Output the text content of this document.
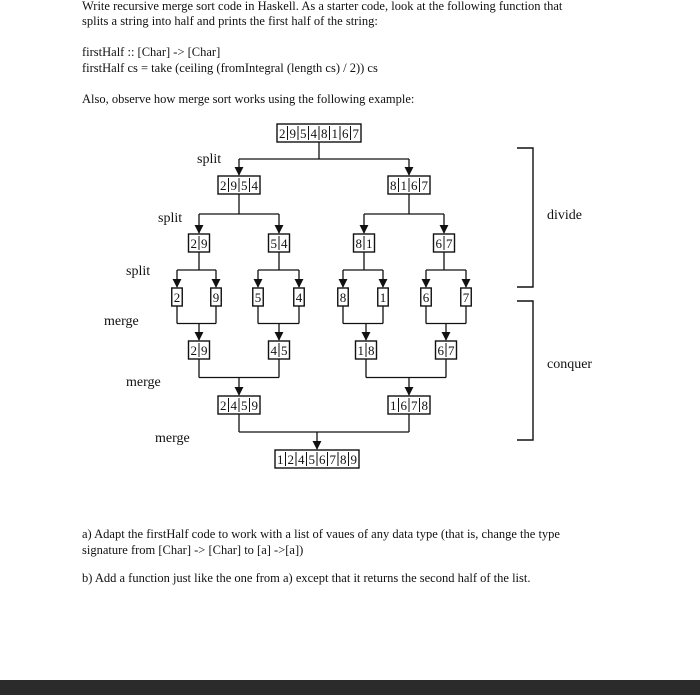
Write recursive merge sort code in Haskell. As a starter code, look at the following function that
splits a string into half and prints the first half of the string:
firstHalf :: [Char] -> [Char]
firstHalf cs = take (ceiling (fromIntegral (length cs) / 2)) cs
Also, observe how merge sort works using the following example:
2 9 5 4 8 1 6 7
2 9 5 4	8 1 6 7
2 9	5 4	8 1	6 7
2	9	5	4	8	1	6	7
2 9	4 5	1 8	6 7
2 4 5 9	1 6 7 8
1 2 4 5 6 7 8 9
split
split
split
merge
merge
merge
divide
conquer
a) Adapt the firstHalf code to work with a list of vaues of any data type (that is, change the type
signature from [Char] -> [Char] to [a] ->[a])
b) Add a function just like the one from a) except that it returns the second half of the list.
